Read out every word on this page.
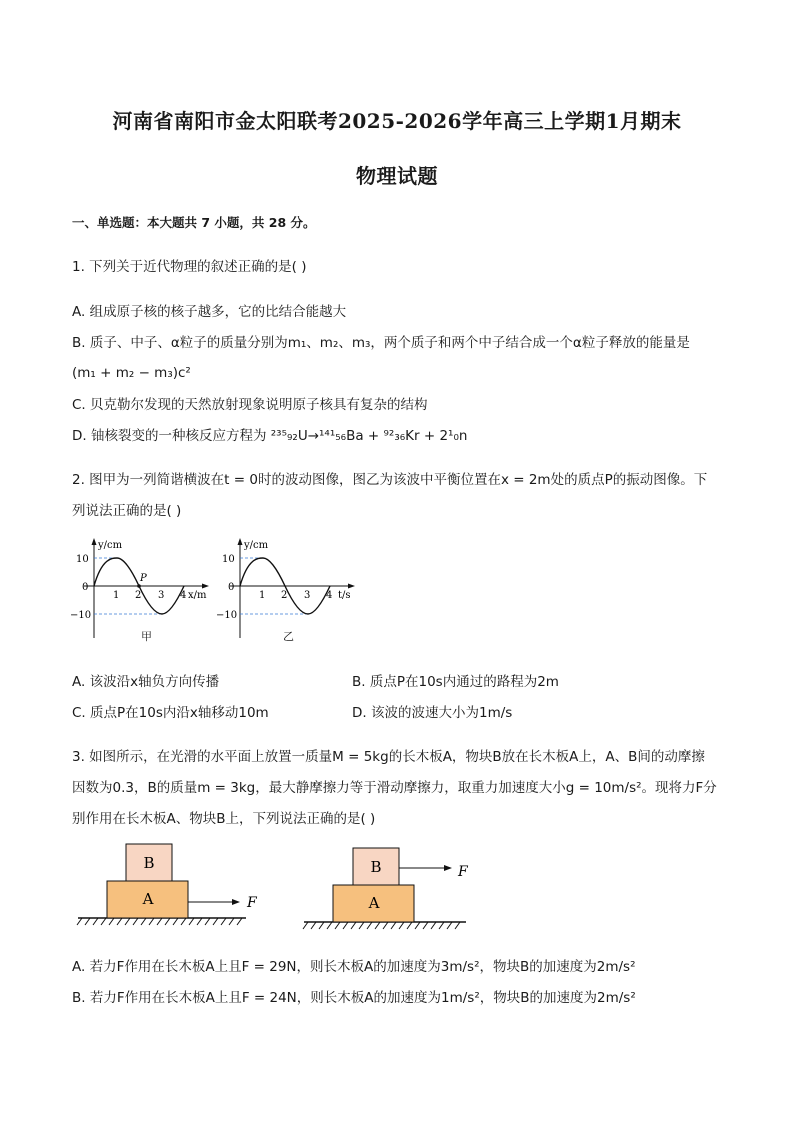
河南省南阳市金太阳联考2025-2026学年高三上学期1月期末
物理试题
一、单选题：本大题共 7 小题，共 28 分。
1. 下列关于近代物理的叙述正确的是( )
A. 组成原子核的核子越多，它的比结合能越大
B. 质子、中子、α粒子的质量分别为m₁、m₂、m₃，两个质子和两个中子结合成一个α粒子释放的能量是
(m₁ + m₂ − m₃)c²
C. 贝克勒尔发现的天然放射现象说明原子核具有复杂的结构
D. 铀核裂变的一种核反应方程为 ²³⁵₉₂U→¹⁴¹₅₆Ba + ⁹²₃₆Kr + 2¹₀n
2. 图甲为一列简谐横波在t = 0时的波动图像，图乙为该波中平衡位置在x = 2m处的质点P的振动图像。下
列说法正确的是( )
P
y/cm
x/m
10
0
−10
1 2 3 4
甲
y/cm
t/s
10
0
−10
1 2 3 4
乙
A. 该波沿x轴负方向传播	B. 质点P在10s内通过的路程为2m
C. 质点P在10s内沿x轴移动10m	D. 该波的波速大小为1m/s
3. 如图所示，在光滑的水平面上放置一质量M = 5kg的长木板A，物块B放在长木板A上，A、B间的动摩擦
因数为0.3，B的质量m = 3kg，最大静摩擦力等于滑动摩擦力，取重力加速度大小g = 10m/s²。现将力F分
别作用在长木板A、物块B上，下列说法正确的是( )
A
B
F	A
B	F
A. 若力F作用在长木板A上且F = 29N，则长木板A的加速度为3m/s²，物块B的加速度为2m/s²
B. 若力F作用在长木板A上且F = 24N，则长木板A的加速度为1m/s²，物块B的加速度为2m/s²
